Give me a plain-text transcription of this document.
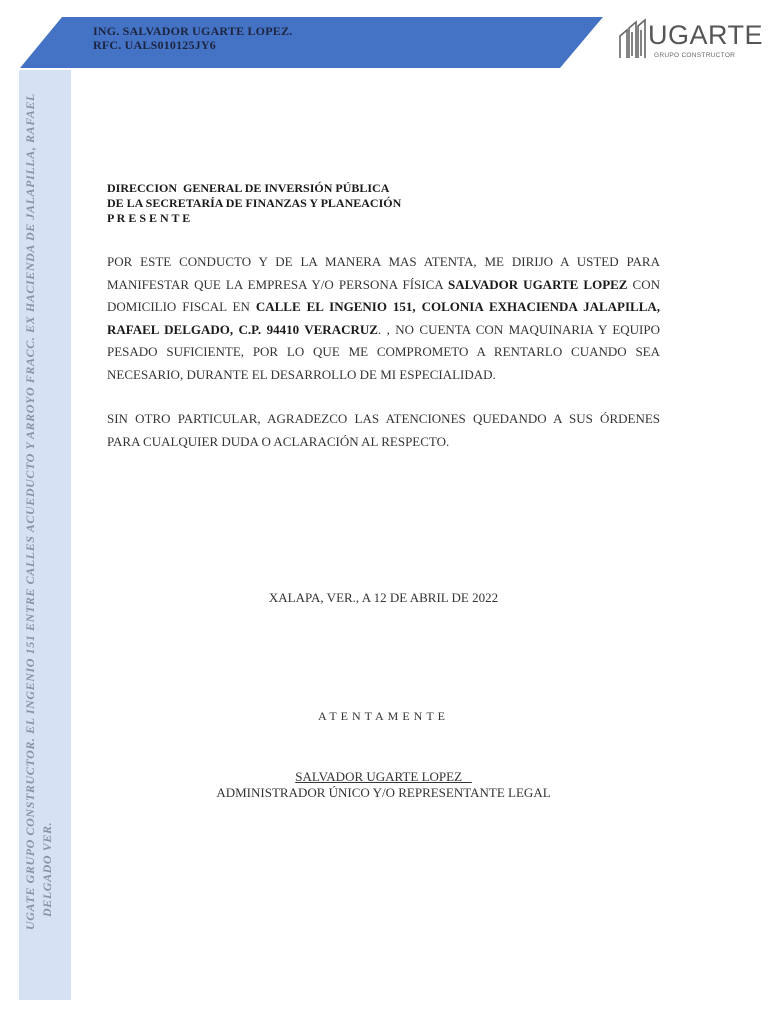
ING. SALVADOR UGARTE LOPEZ.
RFC. UALS010125JY6	UGARTE
GRUPO CONSTRUCTOR
UGATE GRUPO CONSTRUCTOR. EL INGENIO 151 ENTRE CALLES ACUEDUCTO Y ARROYO FRACC. EX HACIENDA DE JALAPILLA, RAFAEL DELGADO VER.
DIRECCION  GENERAL DE INVERSIÓN PÚBLICA
DE LA SECRETARÍA DE FINANZAS Y PLANEACIÓN
P R E S E N T E
POR ESTE CONDUCTO Y DE LA MANERA MAS ATENTA, ME DIRIJO A USTED PARA MANIFESTAR QUE LA EMPRESA Y/O PERSONA FÍSICA SALVADOR UGARTE LOPEZ CON DOMICILIO FISCAL EN CALLE EL INGENIO 151, COLONIA EXHACIENDA JALAPILLA, RAFAEL DELGADO, C.P. 94410 VERACRUZ. , NO CUENTA CON MAQUINARIA Y EQUIPO PESADO SUFICIENTE, POR LO QUE ME COMPROMETO A RENTARLO CUANDO SEA NECESARIO, DURANTE EL DESARROLLO DE MI ESPECIALIDAD.
SIN OTRO PARTICULAR, AGRADEZCO LAS ATENCIONES QUEDANDO A SUS ÓRDENES PARA CUALQUIER DUDA O ACLARACIÓN AL RESPECTO.
XALAPA, VER., A 12 DE ABRIL DE 2022
ATENTAMENTE
SALVADOR UGARTE LOPEZ
ADMINISTRADOR ÚNICO Y/O REPRESENTANTE LEGAL
